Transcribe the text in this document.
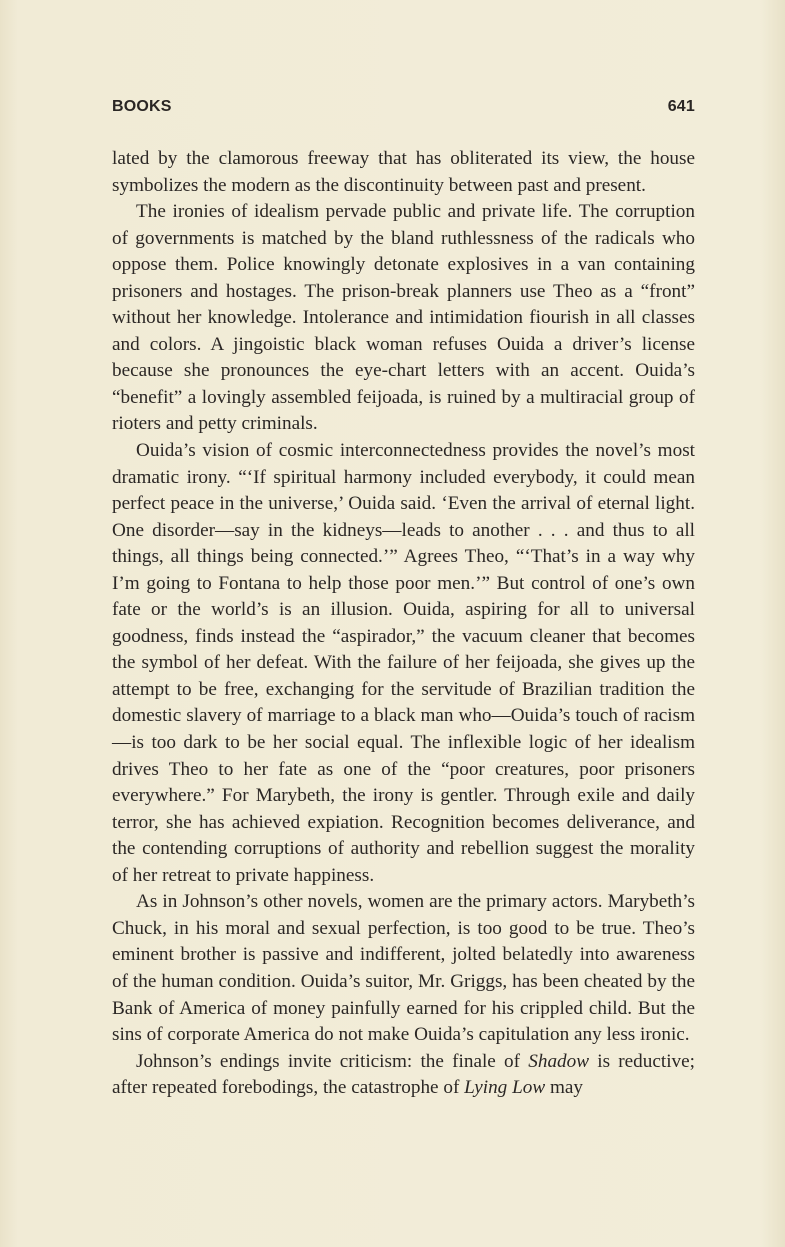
BOOKS	641

lated by the clamorous freeway that has obliterated its view, the house symbolizes the modern as the discontinuity between past and present.

The ironies of idealism pervade public and private life. The corruption of governments is matched by the bland ruthlessness of the radicals who oppose them. Police knowingly detonate explosives in a van containing prisoners and hostages. The prison-break planners use Theo as a “front” without her knowledge. Intolerance and intimidation fiourish in all classes and colors. A jingoistic black woman refuses Ouida a driver’s license because she pronounces the eye-chart letters with an accent. Ouida’s “benefit” a lovingly assembled feijoada, is ruined by a multiracial group of rioters and petty criminals.

Ouida’s vision of cosmic interconnectedness provides the novel’s most dramatic irony. “‘If spiritual harmony included everybody, it could mean perfect peace in the universe,’ Ouida said. ‘Even the arrival of eternal light. One disorder—say in the kidneys—leads to another . . . and thus to all things, all things being connected.’” Agrees Theo, “‘That’s in a way why I’m going to Fontana to help those poor men.’” But control of one’s own fate or the world’s is an illusion. Ouida, aspiring for all to universal goodness, finds instead the “aspirador,” the vacuum cleaner that becomes the symbol of her defeat. With the failure of her feijoada, she gives up the attempt to be free, exchanging for the servitude of Brazilian tradition the domestic slavery of marriage to a black man who—Ouida’s touch of racism—is too dark to be her social equal. The inflexible logic of her idealism drives Theo to her fate as one of the “poor creatures, poor prisoners everywhere.” For Marybeth, the irony is gentler. Through exile and daily terror, she has achieved expiation. Recognition becomes deliverance, and the contending corruptions of authority and rebellion suggest the morality of her retreat to private happiness.

As in Johnson’s other novels, women are the primary actors. Marybeth’s Chuck, in his moral and sexual perfection, is too good to be true. Theo’s eminent brother is passive and indifferent, jolted belatedly into awareness of the human condition. Ouida’s suitor, Mr. Griggs, has been cheated by the Bank of America of money painfully earned for his crippled child. But the sins of corporate America do not make Ouida’s capitulation any less ironic.

Johnson’s endings invite criticism: the finale of Shadow is reductive; after repeated forebodings, the catastrophe of Lying Low may
